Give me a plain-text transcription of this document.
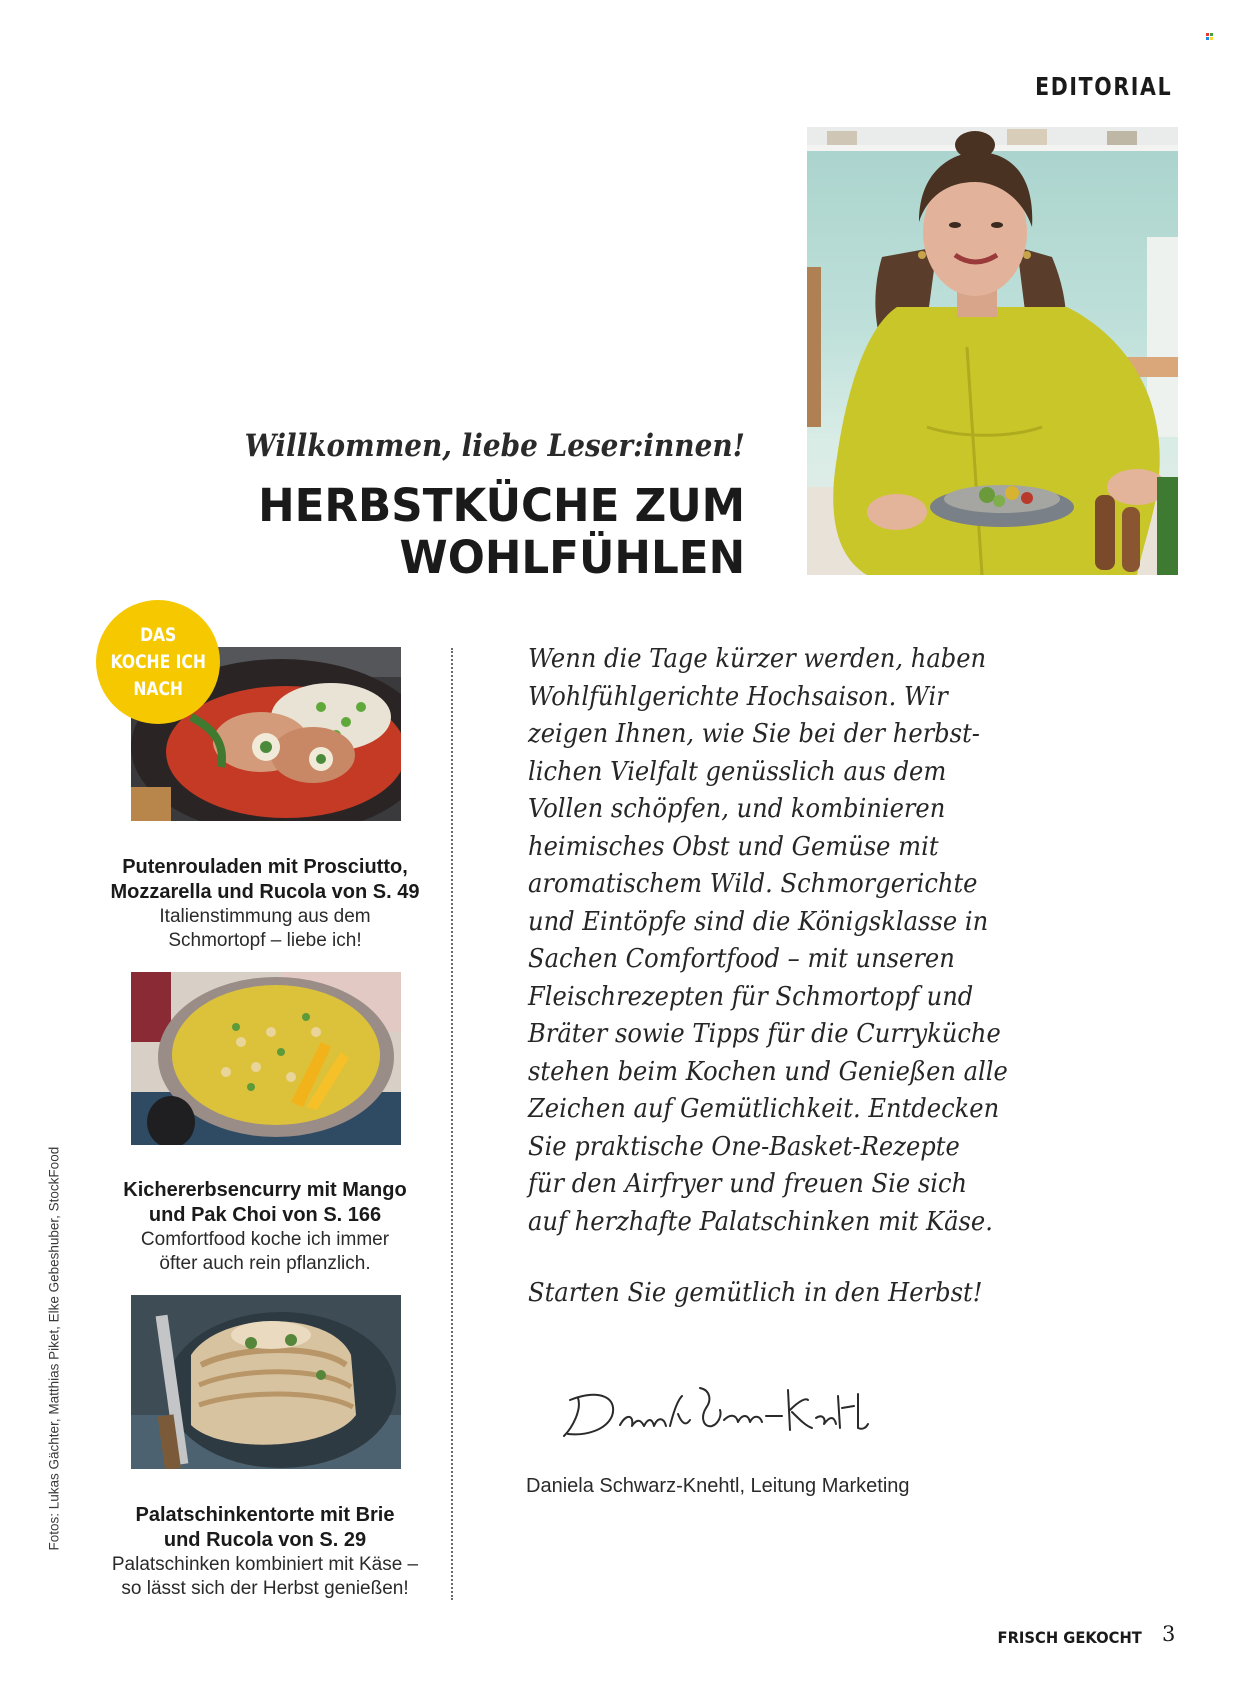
EDITORIAL
Willkommen, liebe Leser:innen!
HERBSTKÜCHE ZUM
WOHLFÜHLEN
DAS
KOCHE ICH
NACH
Putenrouladen mit Prosciutto,
Mozzarella und Rucola von S. 49
Italienstimmung aus dem
Schmortopf – liebe ich!
Kichererbsencurry mit Mango
und Pak Choi von S. 166
Comfortfood koche ich immer
öfter auch rein pflanzlich.
Palatschinkentorte mit Brie
und Rucola von S. 29
Palatschinken kombiniert mit Käse –
so lässt sich der Herbst genießen!
Fotos: Lukas Gächter, Matthias Piket, Elke Gebeshuber, StockFood
Wenn die Tage kürzer werden, haben
Wohlfühlgerichte Hochsaison. Wir
zeigen Ihnen, wie Sie bei der herbst-
lichen Vielfalt genüsslich aus dem
Vollen schöpfen, und kombinieren
heimisches Obst und Gemüse mit
aromatischem Wild. Schmorgerichte
und Eintöpfe sind die Königsklasse in
Sachen Comfortfood – mit unseren
Fleischrezepten für Schmortopf und
Bräter sowie Tipps für die Curryküche
stehen beim Kochen und Genießen alle
Zeichen auf Gemütlichkeit. Entdecken
Sie praktische One-Basket-Rezepte
für den Airfryer und freuen Sie sich
auf herzhafte Palatschinken mit Käse.
Starten Sie gemütlich in den Herbst!
Daniela Schwarz-Knehtl, Leitung Marketing
FRISCH GEKOCHT 3
